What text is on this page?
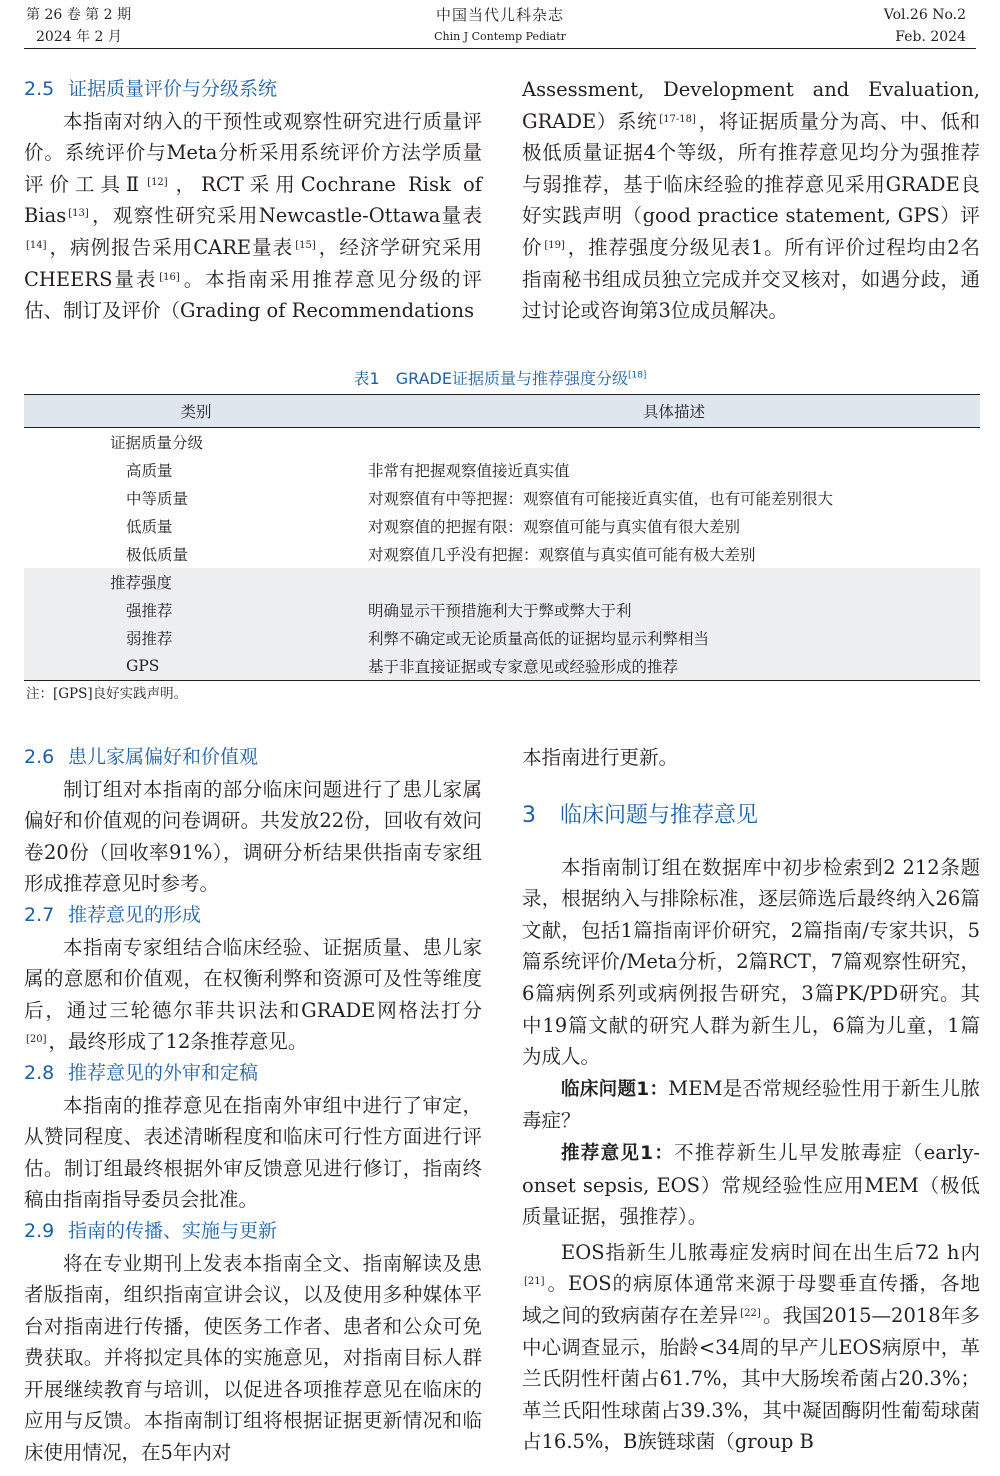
第 26 卷 第 2 期
2024 年 2 月
中国当代儿科杂志
Chin J Contemp Pediatr
Vol.26 No.2
Feb. 2024

2.5 证据质量评价与分级系统

本指南对纳入的干预性或观察性研究进行质量评价。系统评价与Meta分析采用系统评价方法学质量评价工具Ⅱ [12] ，RCT采用Cochrane Risk of Bias [13] ，观察性研究采用Newcastle-Ottawa量表[14] ，病例报告采用CARE量表 [15] ，经济学研究采用CHEERS量表 [16] 。本指南采用推荐意见分级的评估、制订及评价（Grading of Recommendations

Assessment, Development and Evaluation, GRADE）系统 [17-18] ，将证据质量分为高、中、低和极低质量证据4个等级，所有推荐意见均分为强推荐与弱推荐，基于临床经验的推荐意见采用GRADE良好实践声明（good practice statement, GPS）评价 [19] ，推荐强度分级见表1。所有评价过程均由2名指南秘书组成员独立完成并交叉核对，如遇分歧，通过讨论或咨询第3位成员解决。

表1　GRADE证据质量与推荐强度分级[18]
类别	具体描述
证据质量分级	
高质量	非常有把握观察值接近真实值
中等质量	对观察值有中等把握：观察值有可能接近真实值，也有可能差别很大
低质量	对观察值的把握有限：观察值可能与真实值有很大差别
极低质量	对观察值几乎没有把握：观察值与真实值可能有极大差别
推荐强度	
强推荐	明确显示干预措施利大于弊或弊大于利
弱推荐	利弊不确定或无论质量高低的证据均显示利弊相当
GPS	基于非直接证据或专家意见或经验形成的推荐
注：[GPS]良好实践声明。

2.6 患儿家属偏好和价值观

制订组对本指南的部分临床问题进行了患儿家属偏好和价值观的问卷调研。共发放22份，回收有效问卷20份（回收率91%），调研分析结果供指南专家组形成推荐意见时参考。

2.7 推荐意见的形成

本指南专家组结合临床经验、证据质量、患儿家属的意愿和价值观，在权衡利弊和资源可及性等维度后，通过三轮德尔菲共识法和GRADE网格法打分[20] ，最终形成了12条推荐意见。

2.8 推荐意见的外审和定稿

本指南的推荐意见在指南外审组中进行了审定，从赞同程度、表述清晰程度和临床可行性方面进行评估。制订组最终根据外审反馈意见进行修订，指南终稿由指南指导委员会批准。

2.9 指南的传播、实施与更新

将在专业期刊上发表本指南全文、指南解读及患者版指南，组织指南宣讲会议，以及使用多种媒体平台对指南进行传播，使医务工作者、患者和公众可免费获取。并将拟定具体的实施意见，对指南目标人群开展继续教育与培训，以促进各项推荐意见在临床的应用与反馈。本指南制订组将根据证据更新情况和临床使用情况，在5年内对

本指南进行更新。

3 临床问题与推荐意见

本指南制订组在数据库中初步检索到2 212条题录，根据纳入与排除标准，逐层筛选后最终纳入26篇文献，包括1篇指南评价研究，2篇指南/专家共识，5篇系统评价/Meta分析，2篇RCT，7篇观察性研究，6篇病例系列或病例报告研究，3篇PK/PD研究。其中19篇文献的研究人群为新生儿，6篇为儿童，1篇为成人。

临床问题1：MEM是否常规经验性用于新生儿脓毒症？

推荐意见1：不推荐新生儿早发脓毒症（early-onset sepsis, EOS）常规经验性应用MEM（极低质量证据，强推荐）。

EOS指新生儿脓毒症发病时间在出生后72 h内[21] 。EOS的病原体通常来源于母婴垂直传播，各地域之间的致病菌存在差异 [22] 。我国2015—2018年多中心调查显示，胎龄<34周的早产儿EOS病原中，革兰氏阴性杆菌占61.7%，其中大肠埃希菌占20.3%；革兰氏阳性球菌占39.3%，其中凝固酶阴性葡萄球菌占16.5%，B族链球菌（group B
